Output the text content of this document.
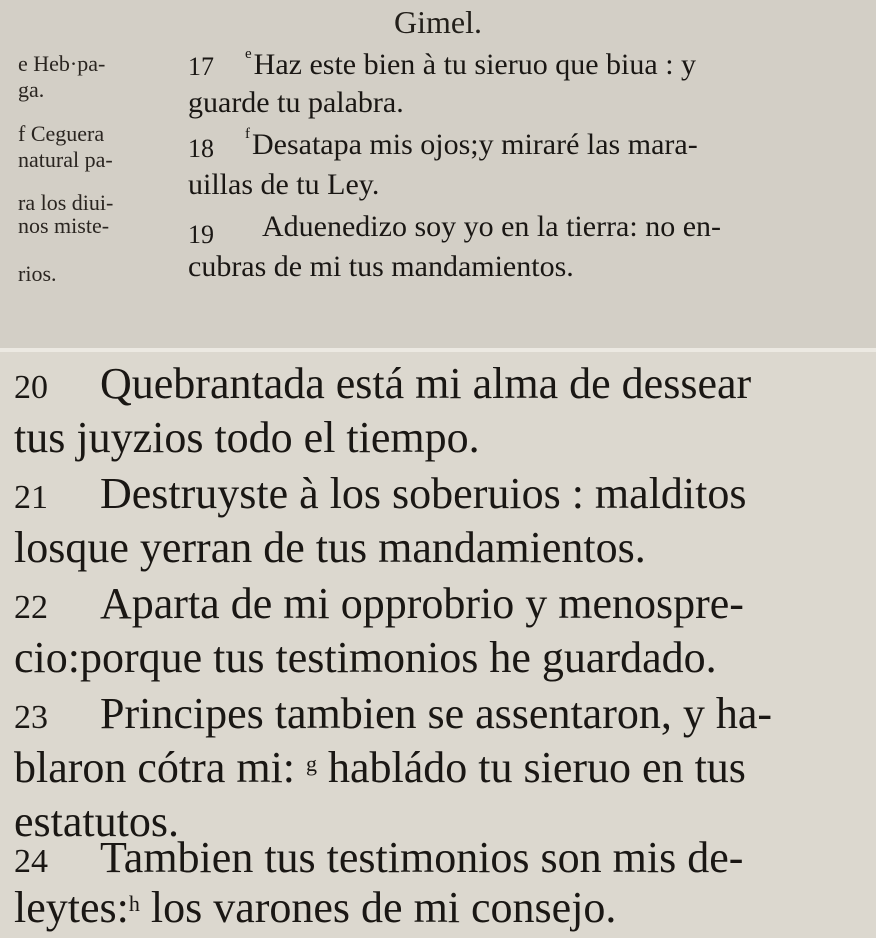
Gimel.
e Heb·pa-
ga.
f Ceguera
natural pa-
ra los diui-
nos miste-
rios.
17	$^e$Haz este bien à tu sieruo que biua : y
guarde tu palabra.
18	$^f$Desatapa mis ojos;y miraré las mara-
uillas de tu Ley.
19	Aduenedizo soy yo en la tierra: no en-
cubras de mi tus mandamientos.
20 Quebrantada está mi alma de dessear
tus juyzios todo el tiempo.
21 Destruyste à los soberuios : malditos
losque yerran de tus mandamientos.
22 Aparta de mi opprobrio y menospre-
cio:porque tus testimonios he guardado.
23 Principes tambien se assentaron, y ha-
blaron cótra mi: $^g$ habládo tu sieruo en tus
estatutos.
24 Tambien tus testimonios son mis de-
leytes:$^h$ los varones de mi consejo.
